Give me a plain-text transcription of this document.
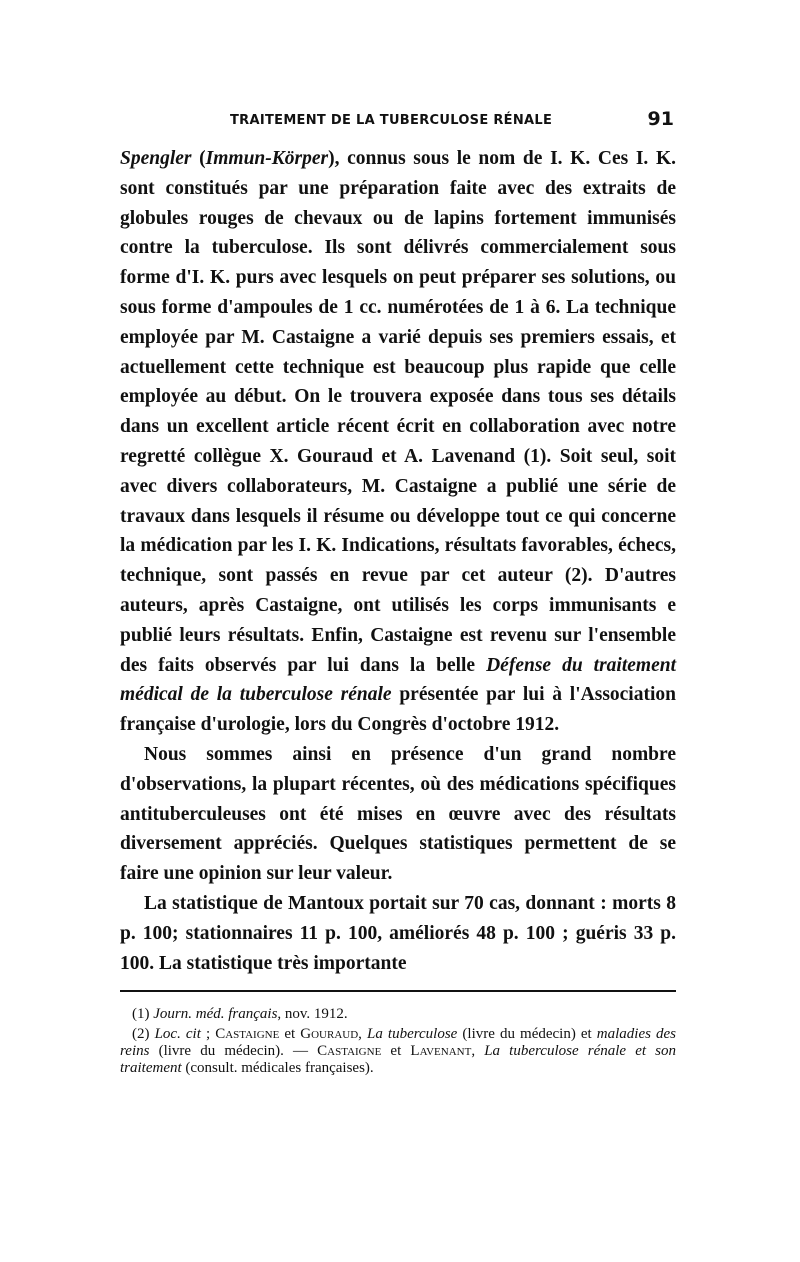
TRAITEMENT DE LA TUBERCULOSE RÉNALE	91

Spengler (Immun-Körper), connus sous le nom de I. K. Ces I. K. sont constitués par une préparation faite avec des extraits de globules rouges de chevaux ou de lapins fortement immunisés contre la tuberculose. Ils sont délivrés commercialement sous forme d'I. K. purs avec lesquels on peut préparer ses solutions, ou sous forme d'ampoules de 1 cc. numérotées de 1 à 6. La technique employée par M. Castaigne a varié depuis ses premiers essais, et actuellement cette technique est beaucoup plus rapide que celle employée au début. On le trouvera exposée dans tous ses détails dans un excellent article récent écrit en collaboration avec notre regretté collègue X. Gouraud et A. Lavenand (1). Soit seul, soit avec divers collaborateurs, M. Castaigne a publié une série de travaux dans lesquels il résume ou développe tout ce qui concerne la médication par les I. K. Indications, résultats favorables, échecs, technique, sont passés en revue par cet auteur (2). D'autres auteurs, après Castaigne, ont utilisés les corps immunisants e publié leurs résultats. Enfin, Castaigne est revenu sur l'ensemble des faits observés par lui dans la belle Défense du traitement médical de la tuberculose rénale présentée par lui à l'Association française d'urologie, lors du Congrès d'octobre 1912.

Nous sommes ainsi en présence d'un grand nombre d'observations, la plupart récentes, où des médications spécifiques antituberculeuses ont été mises en œuvre avec des résultats diversement appréciés. Quelques statistiques permettent de se faire une opinion sur leur valeur.

La statistique de Mantoux portait sur 70 cas, donnant : morts 8 p. 100; stationnaires 11 p. 100, améliorés 48 p. 100 ; guéris 33 p. 100. La statistique très importante

(1) Journ. méd. français, nov. 1912.

(2) Loc. cit ; Castaigne et Gouraud, La tuberculose (livre du médecin) et maladies des reins (livre du médecin). — Castaigne et Lavenant, La tuberculose rénale et son traitement (consult. médicales françaises).
